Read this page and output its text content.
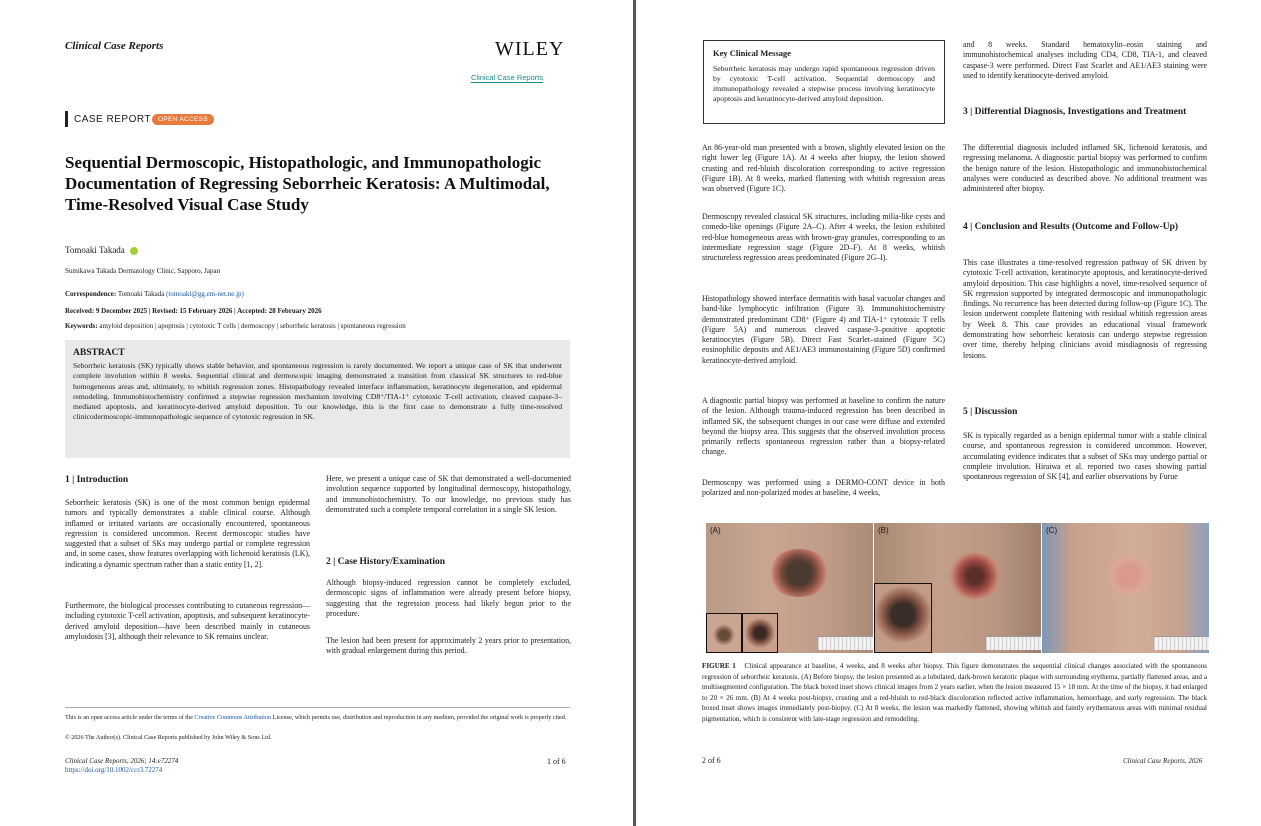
Clinical Case Reports	WILEY
Clinical Case Reports
CASE REPORT	OPEN ACCESS
Sequential Dermoscopic, Histopathologic, and Immunopathologic Documentation of Regressing Seborrheic Keratosis: A Multimodal, Time-Resolved Visual Case Study
Tomoaki Takada
Sumikawa Takada Dermatology Clinic, Sapporo, Japan
Correspondence: Tomoaki Takada (tomoaki@gg.em-net.ne.jp)
Received: 9 December 2025 | Revised: 15 February 2026 | Accepted: 28 February 2026
Keywords: amyloid deposition | apoptosis | cytotoxic T cells | dermoscopy | seborrheic keratosis | spontaneous regression
ABSTRACT
Seborrheic keratosis (SK) typically shows stable behavior, and spontaneous regression is rarely documented. We report a unique case of SK that underwent complete involution within 8 weeks. Sequential clinical and dermoscopic imaging demonstrated a transition from classical SK structures to red-blue homogeneous areas and, ultimately, to whitish regression zones. Histopathology revealed interface inflammation, keratinocyte degeneration, and epidermal remodeling. Immunohistochemistry confirmed a stepwise regression mechanism involving CD8⁺/TIA-1⁺ cytotoxic T-cell activation, cleaved caspase-3–mediated apoptosis, and keratinocyte-derived amyloid deposition. To our knowledge, this is the first case to demonstrate a fully time-resolved clinicodermoscopic-immunopathologic sequence of cytotoxic regression in SK.
1 | Introduction
Seborrheic keratosis (SK) is one of the most common benign epidermal tumors and typically demonstrates a stable clinical course. Although inflamed or irritated variants are occasionally encountered, spontaneous regression is considered uncommon. Recent dermoscopic studies have suggested that a subset of SKs may undergo partial or complete regression and, in some cases, show features overlapping with lichenoid keratosis (LK), indicating a dynamic spectrum rather than a static entity [1, 2].
Furthermore, the biological processes contributing to cutaneous regression—including cytotoxic T-cell activation, apoptosis, and subsequent keratinocyte-derived amyloid deposition—have been described mainly in cutaneous amyloidosis [3], although their relevance to SK remains unclear.
Here, we present a unique case of SK that demonstrated a well-documented involution sequence supported by longitudinal dermoscopy, histopathology, and immunohistochemistry. To our knowledge, no previous study has demonstrated such a complete temporal correlation in a single SK lesion.
2 | Case History/Examination
Although biopsy-induced regression cannot be completely excluded, dermoscopic signs of inflammation were already present before biopsy, suggesting that the regression process had likely begun prior to the procedure.
The lesion had been present for approximately 2 years prior to presentation, with gradual enlargement during this period.
This is an open access article under the terms of the Creative Commons Attribution License, which permits use, distribution and reproduction in any medium, provided the original work is properly cited.
© 2026 The Author(s). Clinical Case Reports published by John Wiley & Sons Ltd.
Clinical Case Reports, 2026; 14:e72274
https://doi.org/10.1002/ccr3.72274
1 of 6
Key Clinical Message
Seborrheic keratosis may undergo rapid spontaneous regression driven by cytotoxic T-cell activation. Sequential dermoscopy and immunopathology revealed a stepwise process involving keratinocyte apoptosis and keratinocyte-derived amyloid deposition.
An 86-year-old man presented with a brown, slightly elevated lesion on the right lower leg (Figure 1A). At 4 weeks after biopsy, the lesion showed crusting and red-bluish discoloration corresponding to active regression (Figure 1B). At 8 weeks, marked flattening with whitish regression areas was observed (Figure 1C).
Dermoscopy revealed classical SK structures, including milia-like cysts and comedo-like openings (Figure 2A–C). After 4 weeks, the lesion exhibited red-blue homogeneous areas with brown-gray granules, corresponding to an intermediate regression stage (Figure 2D–F). At 8 weeks, whitish structureless regression areas predominated (Figure 2G–I).
Histopathology showed interface dermatitis with basal vacuolar changes and band-like lymphocytic infiltration (Figure 3). Immunohistochemistry demonstrated predominant CD8⁺ (Figure 4) and TIA-1⁺ cytotoxic T cells (Figure 5A) and numerous cleaved caspase-3–positive apoptotic keratinocytes (Figure 5B). Direct Fast Scarlet–stained (Figure 5C) eosinophilic deposits and AE1/AE3 immunostaining (Figure 5D) confirmed keratinocyte-derived amyloid.
A diagnostic partial biopsy was performed at baseline to confirm the nature of the lesion. Although trauma-induced regression has been described in inflamed SK, the subsequent changes in our case were diffuse and extended beyond the biopsy area. This suggests that the observed involution process primarily reflects spontaneous regression rather than a biopsy-related change.
Dermoscopy was performed using a DERMO-CONT device in both polarized and non-polarized modes at baseline, 4 weeks,
and 8 weeks. Standard hematoxylin–eosin staining and immunohistochemical analyses including CD4, CD8, TIA-1, and cleaved caspase-3 were performed. Direct Fast Scarlet and AE1/AE3 staining were used to identify keratinocyte-derived amyloid.
3 | Differential Diagnosis, Investigations and Treatment
The differential diagnosis included inflamed SK, lichenoid keratosis, and regressing melanoma. A diagnostic partial biopsy was performed to confirm the benign nature of the lesion. Histopathologic and immunohistochemical analyses were conducted as described above. No additional treatment was administered after biopsy.
4 | Conclusion and Results (Outcome and Follow-Up)
This case illustrates a time-resolved regression pathway of SK driven by cytotoxic T-cell activation, keratinocyte apoptosis, and keratinocyte-derived amyloid deposition. This case highlights a novel, time-resolved sequence of SK regression supported by integrated dermoscopic and immunopathologic findings. No recurrence has been detected during follow-up (Figure 1C). The lesion underwent complete flattening with residual whitish regression areas by Week 8. This case provides an educational visual framework demonstrating how seborrheic keratosis can undergo stepwise regression over time, thereby helping clinicians avoid misdiagnosis of regressing lesions.
5 | Discussion
SK is typically regarded as a benign epidermal tumor with a stable clinical course, and spontaneous regression is considered uncommon. However, accumulating evidence indicates that a subset of SKs may undergo partial or complete involution. Hiraiwa et al. reported two cases showing partial spontaneous regression of SK [4], and earlier observations by Furue
(A)	(B)	(C)
FIGURE 1 Clinical appearance at baseline, 4 weeks, and 8 weeks after biopsy. This figure demonstrates the sequential clinical changes associated with the spontaneous regression of seborrheic keratosis. (A) Before biopsy, the lesion presented as a lobulated, dark-brown keratotic plaque with surrounding erythema, partially flattened areas, and a multisegmented configuration. The black boxed inset shows clinical images from 2 years earlier, when the lesion measured 15 × 18 mm. At the time of the biopsy, it had enlarged to 20 × 26 mm. (B) At 4 weeks post-biopsy, crusting and a red-bluish to red-black discoloration reflected active inflammation, hemorrhage, and early regression. The black boxed inset shows images immediately post-biopsy. (C) At 8 weeks, the lesion was markedly flattened, showing whitish and faintly erythematous areas with minimal residual pigmentation, which is consistent with late-stage regression and remodeling.
2 of 6	Clinical Case Reports, 2026
